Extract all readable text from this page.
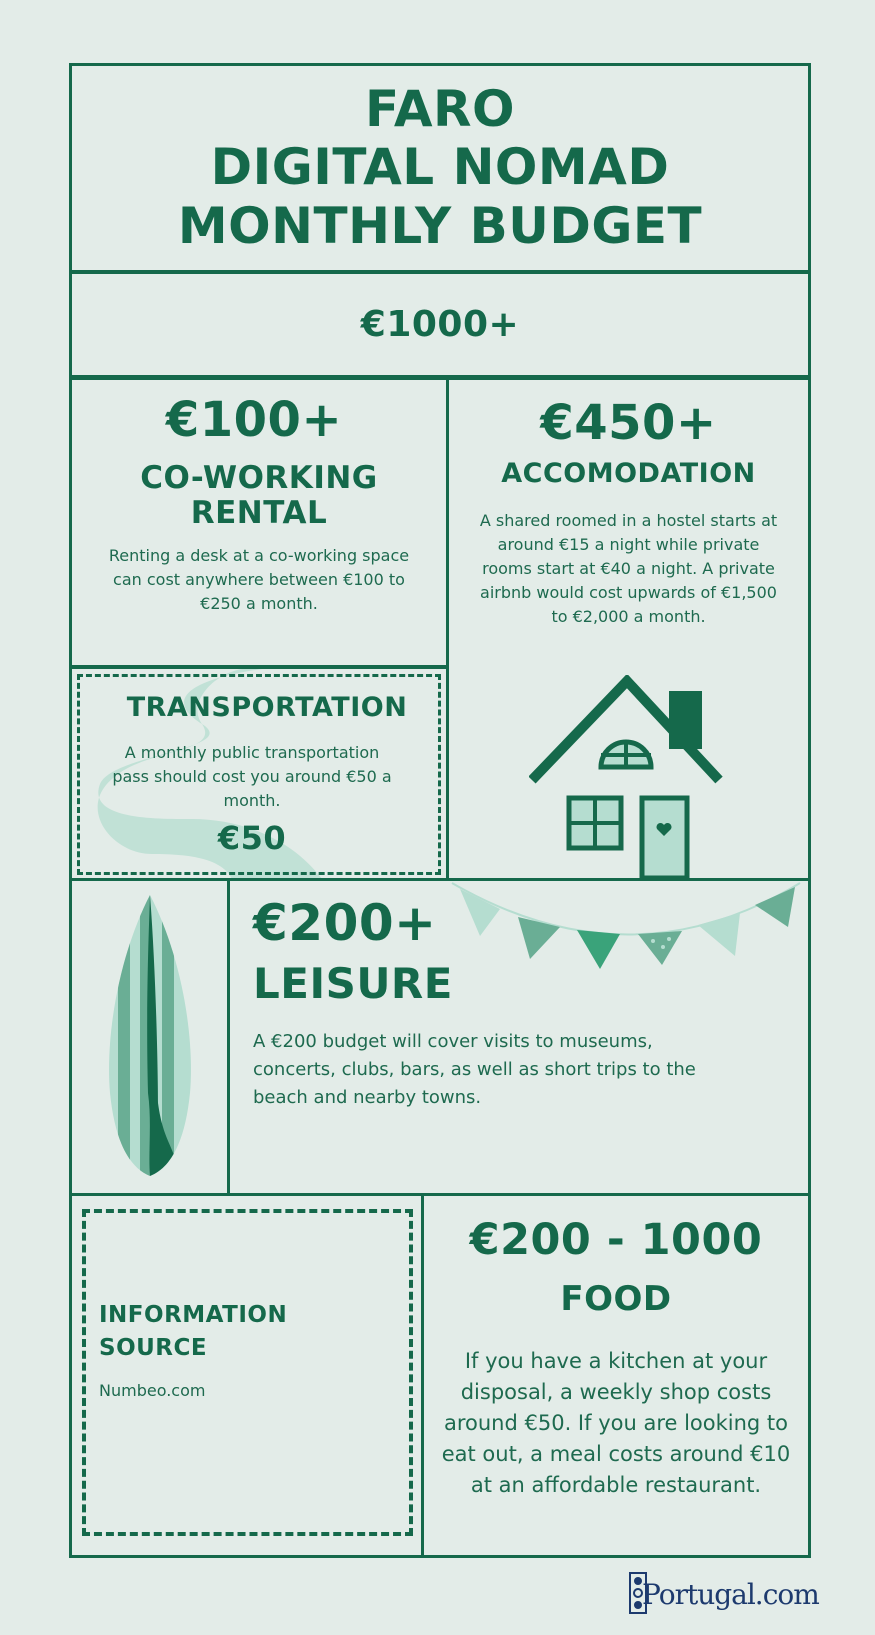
FARO
DIGITAL NOMAD
MONTHLY BUDGET
€1000+
€100+
CO-WORKING
RENTAL
Renting a desk at a co-working space can cost anywhere between €100 to €250 a month.
€450+
ACCOMODATION
A shared roomed in a hostel starts at around €15 a night while private rooms start at €40 a night. A private airbnb would cost upwards of €1,500 to €2,000 a month.
TRANSPORTATION
A monthly public transportation pass should cost you around €50 a month.
€50
€200+
LEISURE
A €200 budget will cover visits to museums, concerts, clubs, bars, as well as short trips to the beach and nearby towns.
INFORMATION
SOURCE
Numbeo.com
€200 - 1000
FOOD
If you have a kitchen at your disposal, a weekly shop costs around €50. If you are looking to eat out, a meal costs around €10 at an affordable restaurant.
Portugal.com
